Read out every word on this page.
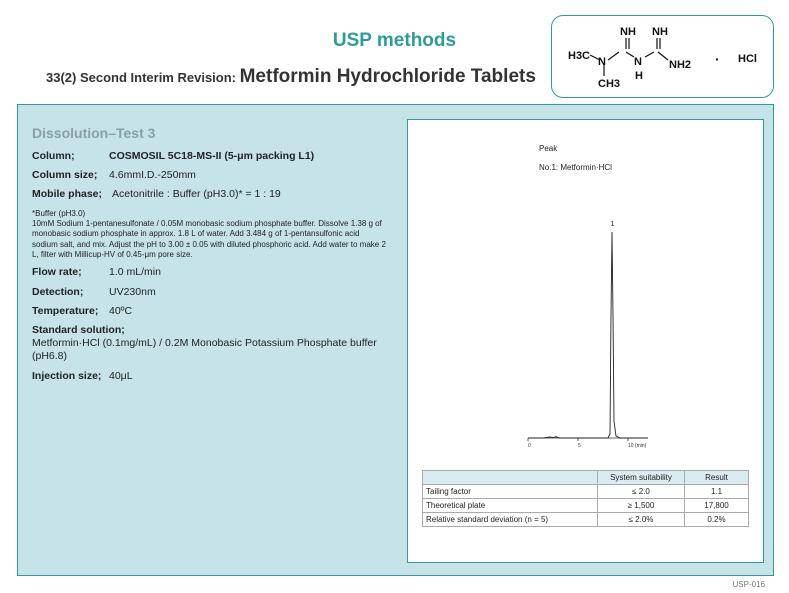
USP methods
33(2) Second Interim Revision: Metformin Hydrochloride Tablets
NH NH
H3C N	N
H
NH2
CH3
· HCl
Dissolution–Test 3
Column;	COSMOSIL 5C18-MS-II (5-μm packing L1)
Column size; 4.6mmI.D.-250mm
Mobile phase; Acetonitrile : Buffer (pH3.0)* = 1 : 19
*Buffer (pH3.0)
10mM Sodium 1-pentanesulfonate / 0.05M monobasic sodium phosphate buffer. Dissolve 1.38 g of monobasic sodium phosphate in approx. 1.8 L of water. Add 3.484 g of 1-pentansulfonic acid sodium salt, and mix. Adjust the pH to 3.00 ± 0.05 with diluted phosphoric acid. Add water to make 2 L, filter with Millicup-HV of 0.45-μm pore size.
Flow rate;	1.0 mL/min
Detection; UV230nm
Temperature; 40ºC
Standard solution;
Metformin·HCl (0.1mg/mL) / 0.2M Monobasic Potassium Phosphate buffer (pH6.8)
Injection size; 40μL
Peak
No.1: Metformin·HCl
0	5	10 (min)
1
	System suitability	Result
Tailing factor	≤ 2.0	1.1
Theoretical plate	≥ 1,500	17,800
Relative standard deviation (n = 5)	≤ 2.0%	0.2%
USP-016
